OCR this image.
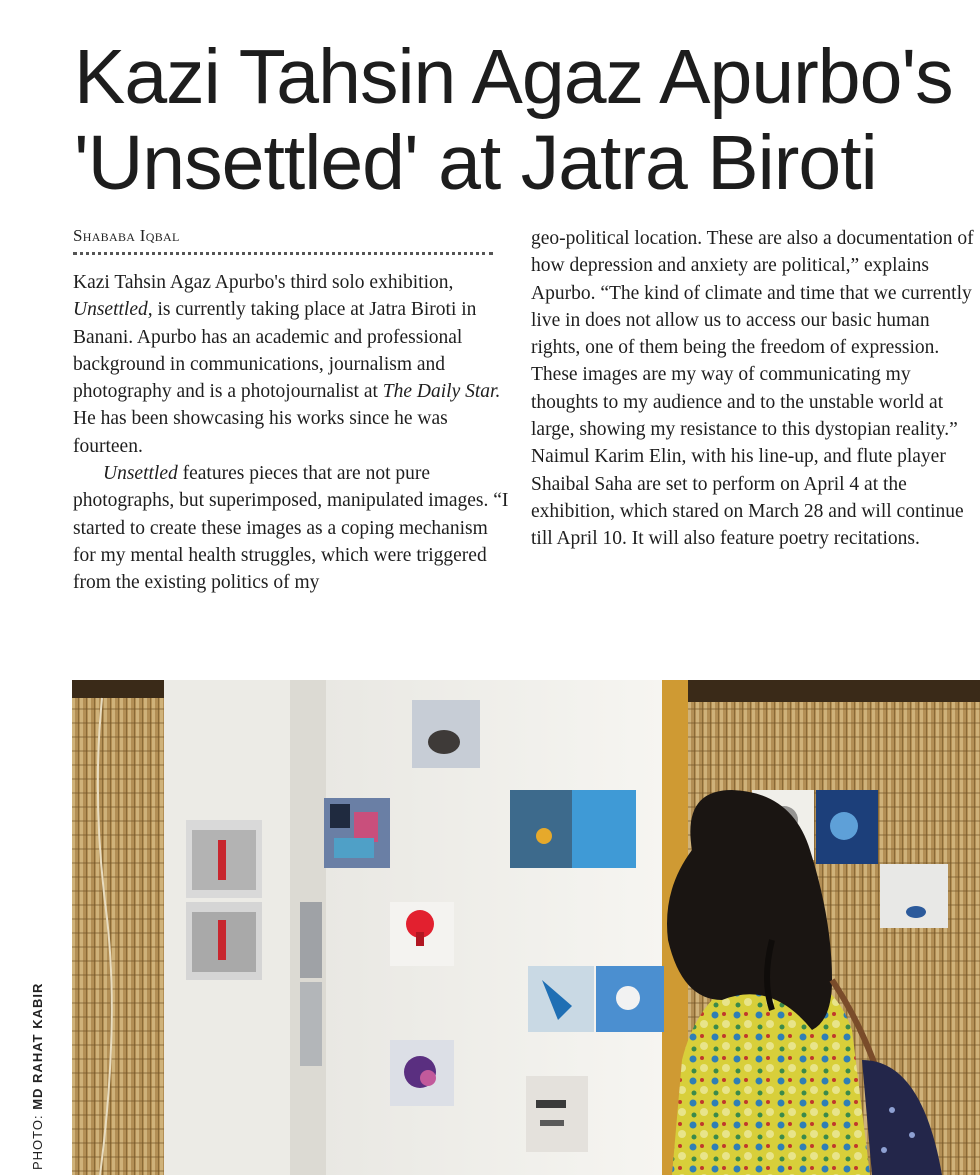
Kazi Tahsin Agaz Apurbo's
'Unsettled' at Jatra Biroti
Shababa Iqbal

Kazi Tahsin Agaz Apurbo's third solo exhibition, Unsettled, is currently taking place at Jatra Biroti in Banani. Apurbo has an academic and professional background in communications, journalism and photography and is a photojournalist at The Daily Star. He has been showcasing his works since he was fourteen.

Unsettled features pieces that are not pure photographs, but superimposed, manipulated images. “I started to create these images as a coping mechanism for my mental health struggles, which were triggered from the existing politics of my

geo-political location. These are also a documentation of how depression and anxiety are political,” explains Apurbo. “The kind of climate and time that we currently live in does not allow us to access our basic human rights, one of them being the freedom of expression. These images are my way of communicating my thoughts to my audience and to the unstable world at large, showing my resistance to this dystopian reality.” Naimul Karim Elin, with his line-up, and flute player Shaibal Saha are set to perform on April 4 at the exhibition, which stared on March 28 and will continue till April 10. It will also feature poetry recitations.

PHOTO: MD RAHAT KABIR
